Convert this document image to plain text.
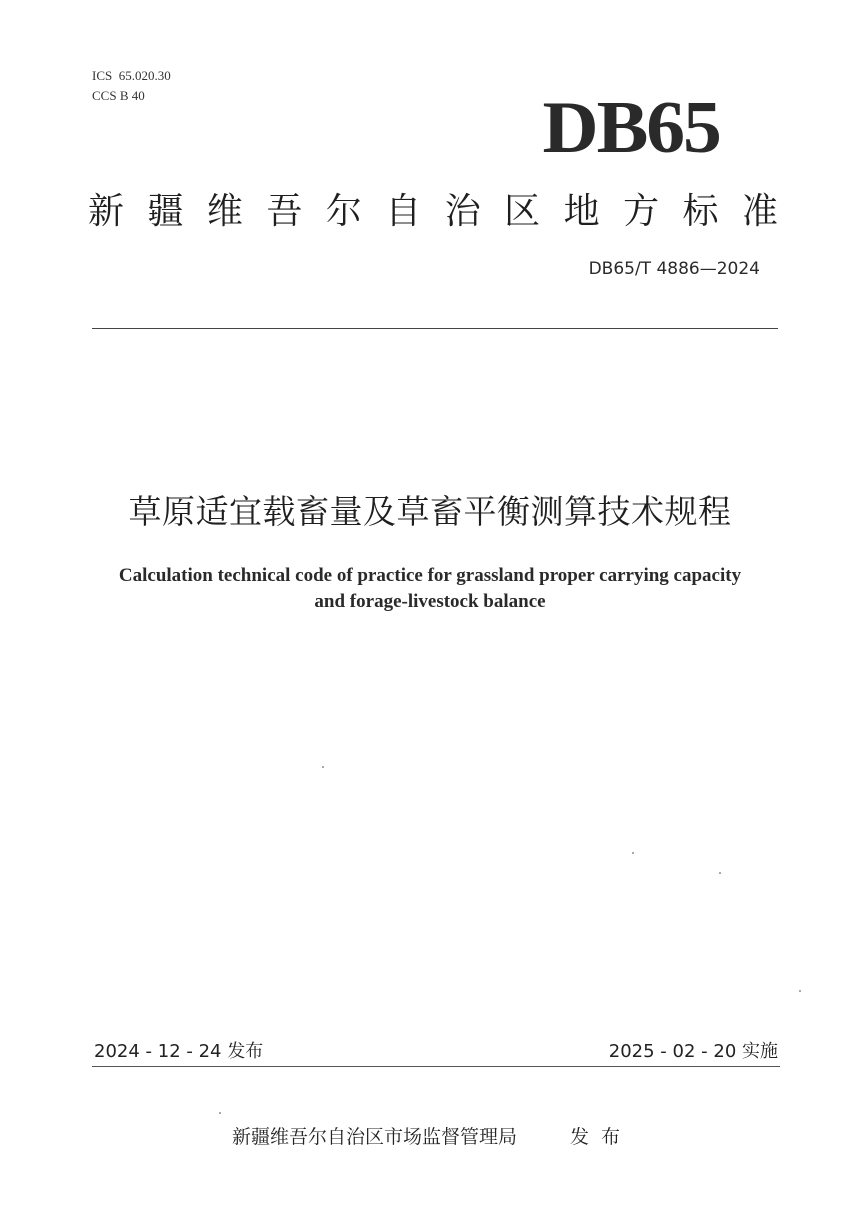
ICS  65.020.30
CCS B 40	DB65
新疆维吾尔自治区地方标准
DB65/T 4886—2024
草原适宜载畜量及草畜平衡测算技术规程
Calculation technical code of practice for grassland proper carrying capacity
and forage-livestock balance
2024 - 12 - 24 发布	2025 - 02 - 20 实施
新疆维吾尔自治区市场监督管理局	发布
